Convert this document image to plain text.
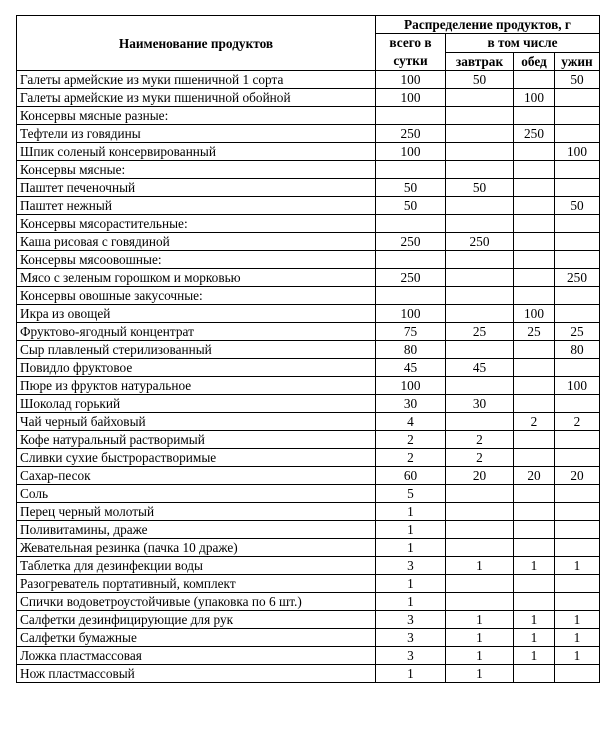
Наименование продуктов	Распределение продуктов, г			

	всего в
сутки	в том числе		
		завтрак	обед	ужин
Галеты армейские из муки пшеничной 1 сорта	100	50		50
Галеты армейские из муки пшеничной обойной	100		100	
Консервы мясные разные:				
Тефтели из говядины	250		250	
Шпик соленый консервированный	100			100
Консервы мясные:				
Паштет печеночный	50	50		
Паштет нежный	50			50
Консервы мясорастительные:				
Каша рисовая с говядиной	250	250		
Консервы мясоовошные:				
Мясо с зеленым горошком и морковью	250			250
Консервы овошные закусочные:				
Икра из овощей	100		100	
Фруктово-ягодный концентрат	75	25	25	25
Сыр плавленый стерилизованный	80			80
Повидло фруктовое	45	45		
Пюре из фруктов натуральное	100			100
Шоколад горький	30	30		
Чай черный байховый	4		2	2
Кофе натуральный растворимый	2	2		
Сливки сухие быстрорастворимые	2	2		
Сахар-песок	60	20	20	20
Соль	5			
Перец черный молотый	1			
Поливитамины, драже	1			
Жевательная резинка (пачка 10 драже)	1			
Таблетка для дезинфекции воды	3	1	1	1
Разогреватель портативный, комплект	1			
Спички водоветроустойчивые (упаковка по 6 шт.)	1			
Салфетки дезинфицирующие для рук	3	1	1	1
Салфетки бумажные	3	1	1	1
Ложка пластмассовая	3	1	1	1
Нож пластмассовый	1	1		
